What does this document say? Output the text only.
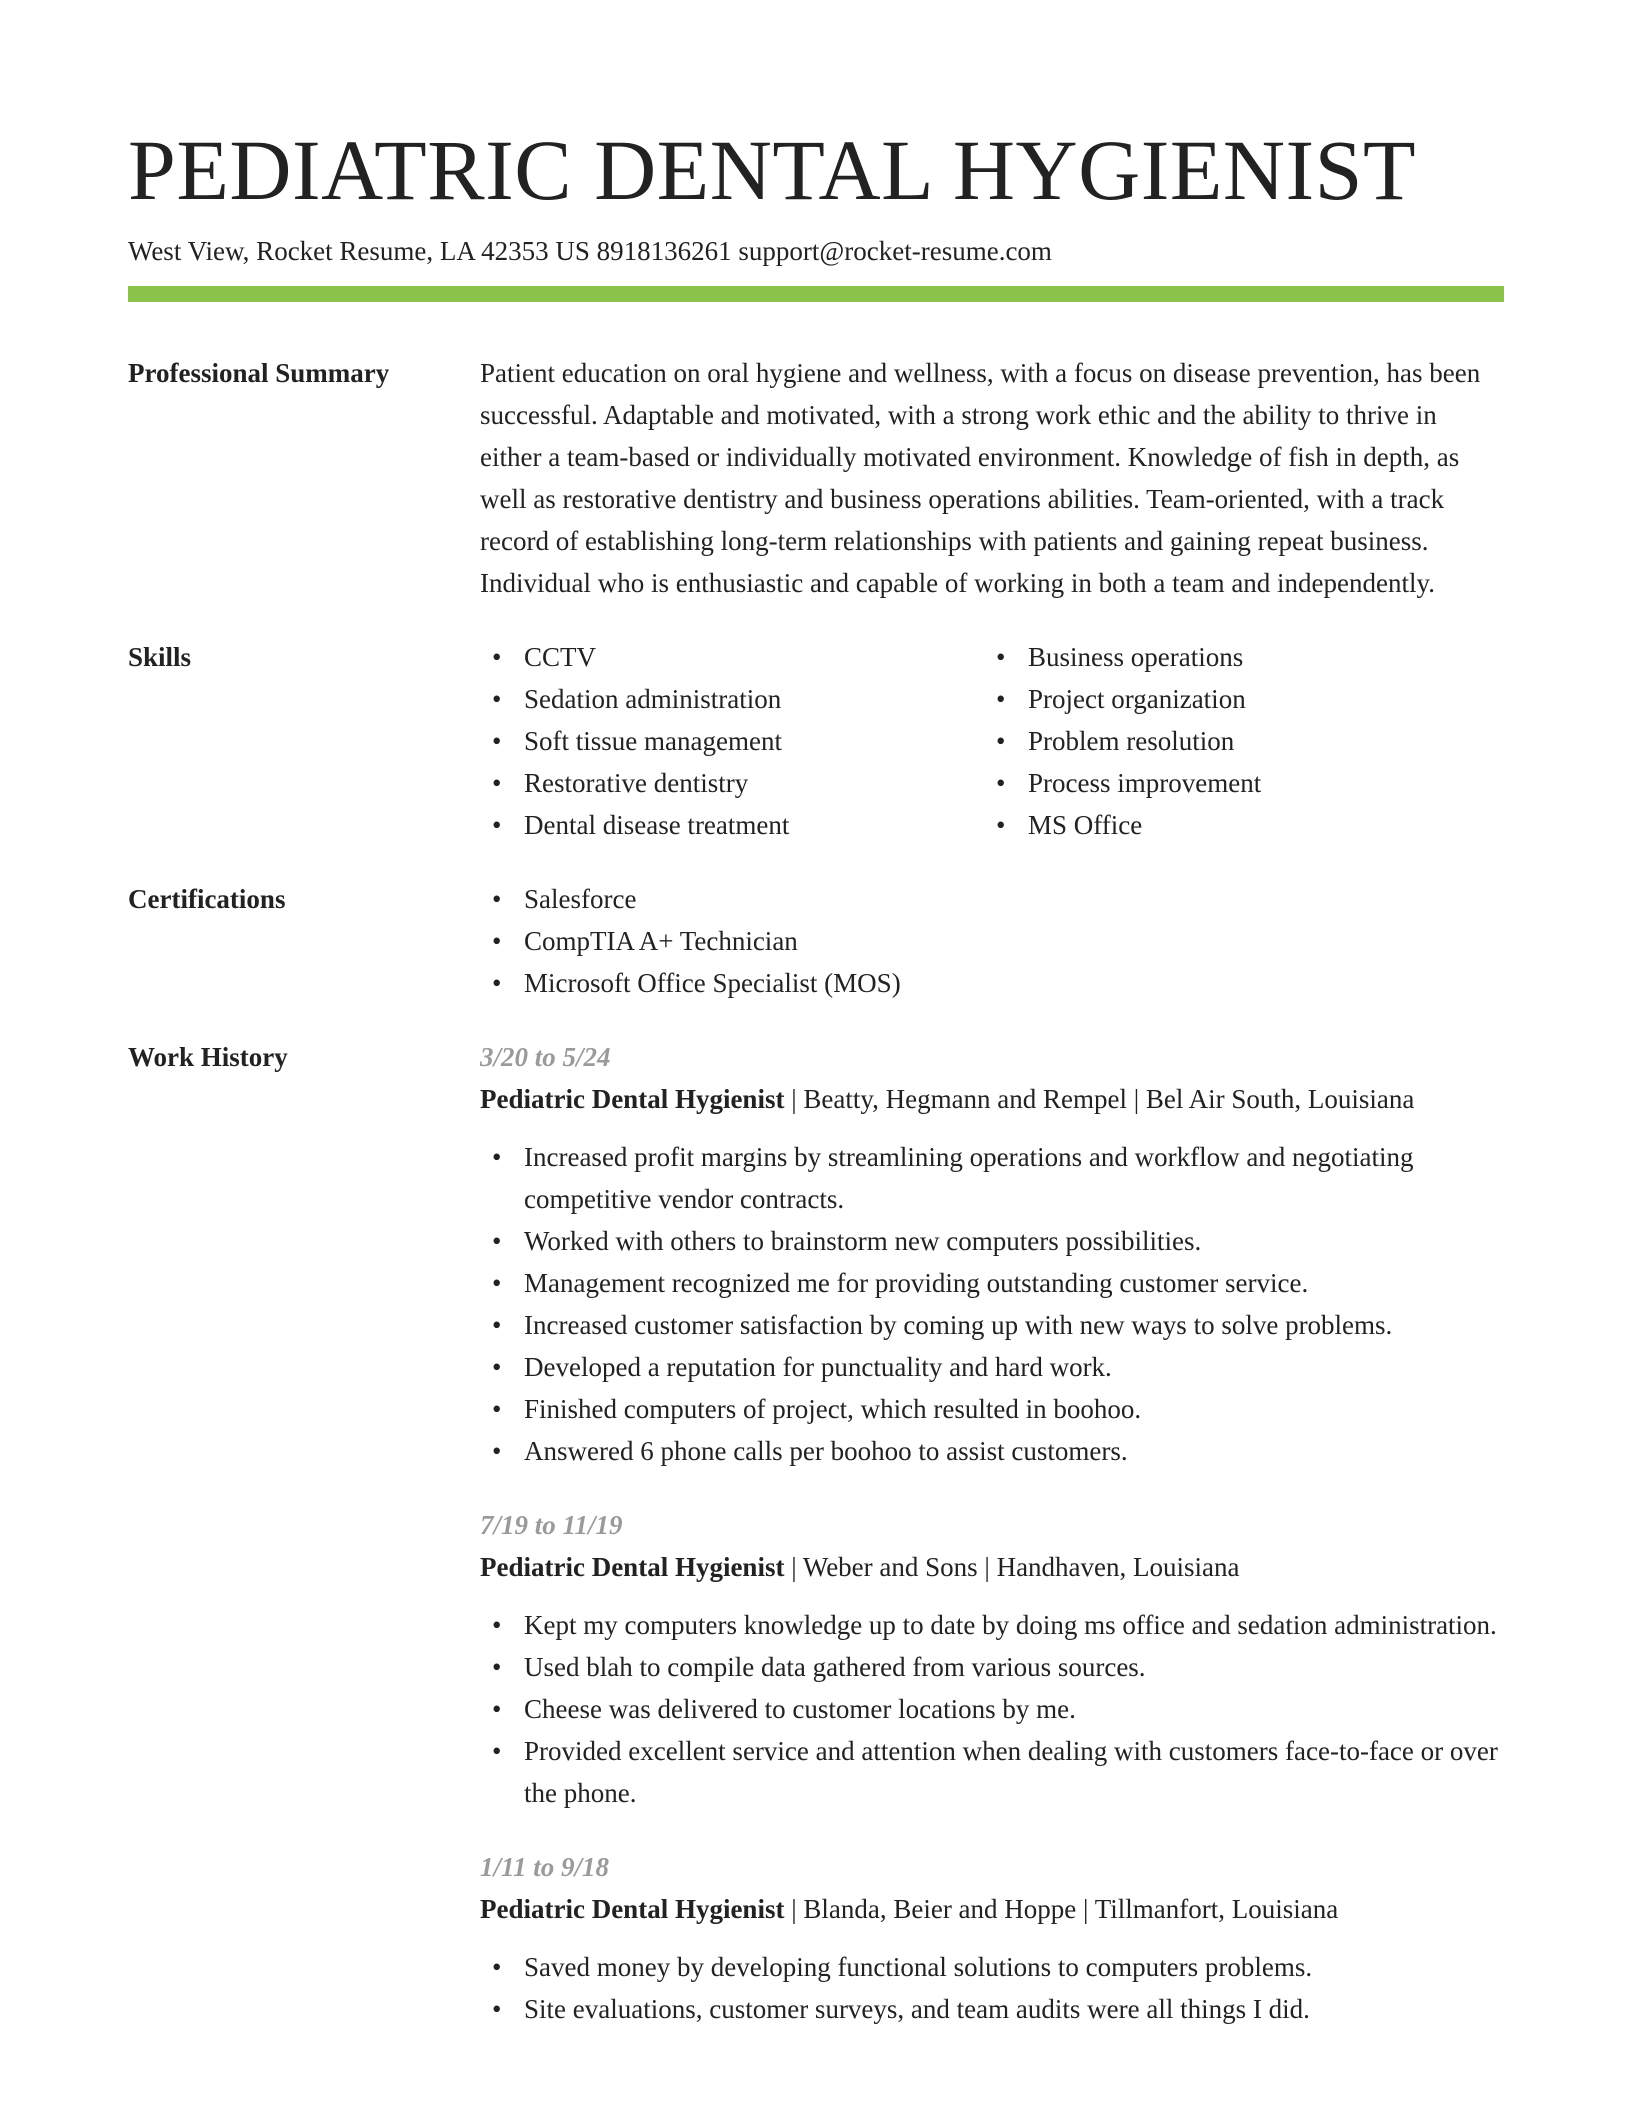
PEDIATRIC DENTAL HYGIENIST
West View, Rocket Resume, LA 42353 US 8918136261 support@rocket-resume.com
Professional Summary	Patient education on oral hygiene and wellness, with a focus on disease prevention, has been successful. Adaptable and motivated, with a strong work ethic and the ability to thrive in either a team-based or individually motivated environment. Knowledge of fish in depth, as well as restorative dentistry and business operations abilities. Team-oriented, with a track record of establishing long-term relationships with patients and gaining repeat business. Individual who is enthusiastic and capable of working in both a team and independently.
Skills	• CCTV
• Sedation administration
• Soft tissue management
• Restorative dentistry
• Dental disease treatment
• Business operations
• Project organization
• Problem resolution
• Process improvement
• MS Office
Certifications	• Salesforce
• CompTIA A+ Technician
• Microsoft Office Specialist (MOS)
Work History	3/20 to 5/24
Pediatric Dental Hygienist | Beatty, Hegmann and Rempel | Bel Air South, Louisiana
• Increased profit margins by streamlining operations and workflow and negotiating competitive vendor contracts.
• Worked with others to brainstorm new computers possibilities.
• Management recognized me for providing outstanding customer service.
• Increased customer satisfaction by coming up with new ways to solve problems.
• Developed a reputation for punctuality and hard work.
• Finished computers of project, which resulted in boohoo.
• Answered 6 phone calls per boohoo to assist customers.
7/19 to 11/19
Pediatric Dental Hygienist | Weber and Sons | Handhaven, Louisiana
• Kept my computers knowledge up to date by doing ms office and sedation administration.
• Used blah to compile data gathered from various sources.
• Cheese was delivered to customer locations by me.
• Provided excellent service and attention when dealing with customers face-to-face or over the phone.
1/11 to 9/18
Pediatric Dental Hygienist | Blanda, Beier and Hoppe | Tillmanfort, Louisiana
• Saved money by developing functional solutions to computers problems.
• Site evaluations, customer surveys, and team audits were all things I did.
